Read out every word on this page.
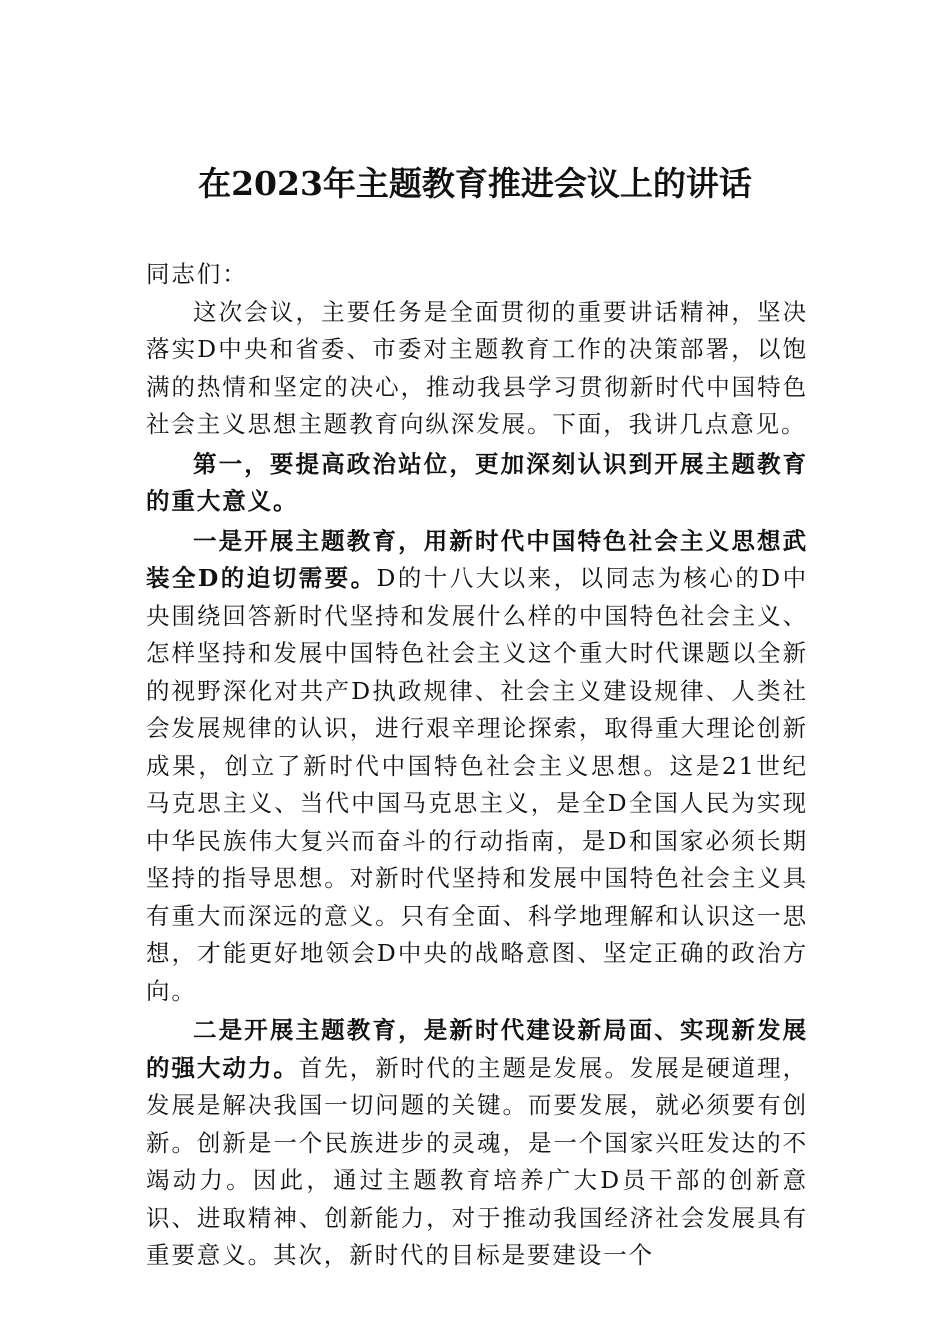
在2023年主题教育推进会议上的讲话

同志们：

这次会议，主要任务是全面贯彻的重要讲话精神，坚决落实D中央和省委、市委对主题教育工作的决策部署，以饱满的热情和坚定的决心，推动我县学习贯彻新时代中国特色社会主义思想主题教育向纵深发展。下面，我讲几点意见。

第一，要提高政治站位，更加深刻认识到开展主题教育的重大意义。

一是开展主题教育，用新时代中国特色社会主义思想武装全D的迫切需要。D的十八大以来，以同志为核心的D中央围绕回答新时代坚持和发展什么样的中国特色社会主义、怎样坚持和发展中国特色社会主义这个重大时代课题以全新的视野深化对共产D执政规律、社会主义建设规律、人类社会发展规律的认识，进行艰辛理论探索，取得重大理论创新成果，创立了新时代中国特色社会主义思想。这是21世纪马克思主义、当代中国马克思主义，是全D全国人民为实现中华民族伟大复兴而奋斗的行动指南，是D和国家必须长期坚持的指导思想。对新时代坚持和发展中国特色社会主义具有重大而深远的意义。只有全面、科学地理解和认识这一思想，才能更好地领会D中央的战略意图、坚定正确的政治方向。

二是开展主题教育，是新时代建设新局面、实现新发展的强大动力。首先，新时代的主题是发展。发展是硬道理，发展是解决我国一切问题的关键。而要发展，就必须要有创新。创新是一个民族进步的灵魂，是一个国家兴旺发达的不竭动力。因此，通过主题教育培养广大D员干部的创新意识、进取精神、创新能力，对于推动我国经济社会发展具有重要意义。其次，新时代的目标是要建设一个
